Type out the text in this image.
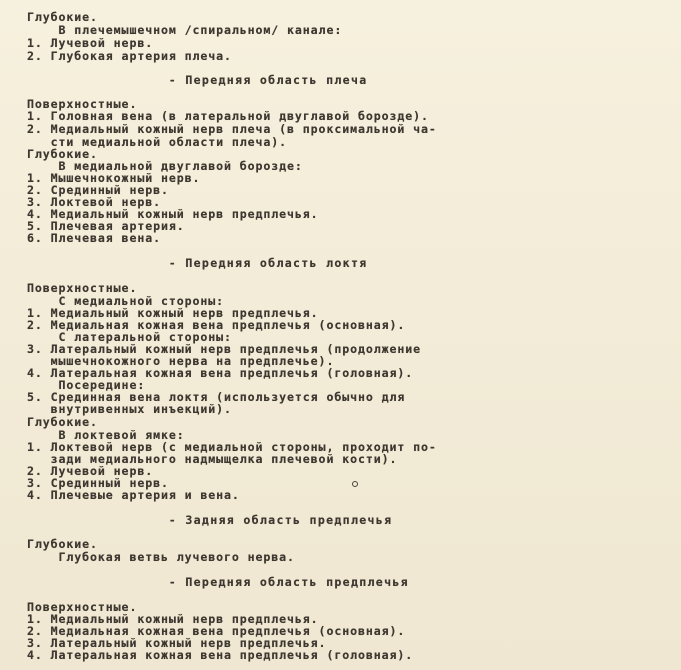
Глубокие.
В плечемышечном /спиральном/ канале:
1. Лучевой нерв.
2. Глубокая артерия плеча.
- Передняя область плеча
Поверхностные.
1. Головная вена (в латеральной двуглавой борозде).
2. Медиальный кожный нерв плеча (в проксимальной ча-
сти медиальной области плеча).
Глубокие.
В медиальной двуглавой борозде:
1. Мышечнокожный нерв.
2. Срединный нерв.
3. Локтевой нерв.
4. Медиальный кожный нерв предплечья.
5. Плечевая артерия.
6. Плечевая вена.
- Передняя область локтя
Поверхностные.
С медиальной стороны:
1. Медиальный кожный нерв предплечья.
2. Медиальная кожная вена предплечья (основная).
С латеральной стороны:
3. Латеральный кожный нерв предплечья (продолжение
мышечнокожного нерва на предплечье).
4. Латеральная кожная вена предплечья (головная).
Посередине:
5. Срединная вена локтя (используется обычно для
внутривенных инъекций).
Глубокие.
В локтевой ямке:
1. Локтевой нерв (с медиальной стороны, проходит по-
зади медиального надмыщелка плечевой кости).
2. Лучевой нерв.
3. Срединный нерв.
4. Плечевые артерия и вена.
- Задняя область предплечья
Глубокие.
Глубокая ветвь лучевого нерва.
- Передняя область предплечья
Поверхностные.
1. Медиальный кожный нерв предплечья.
2. Медиальная кожная вена предплечья (основная).
3. Латеральный кожный нерв предплечья.
4. Латеральная кожная вена предплечья (головная).
